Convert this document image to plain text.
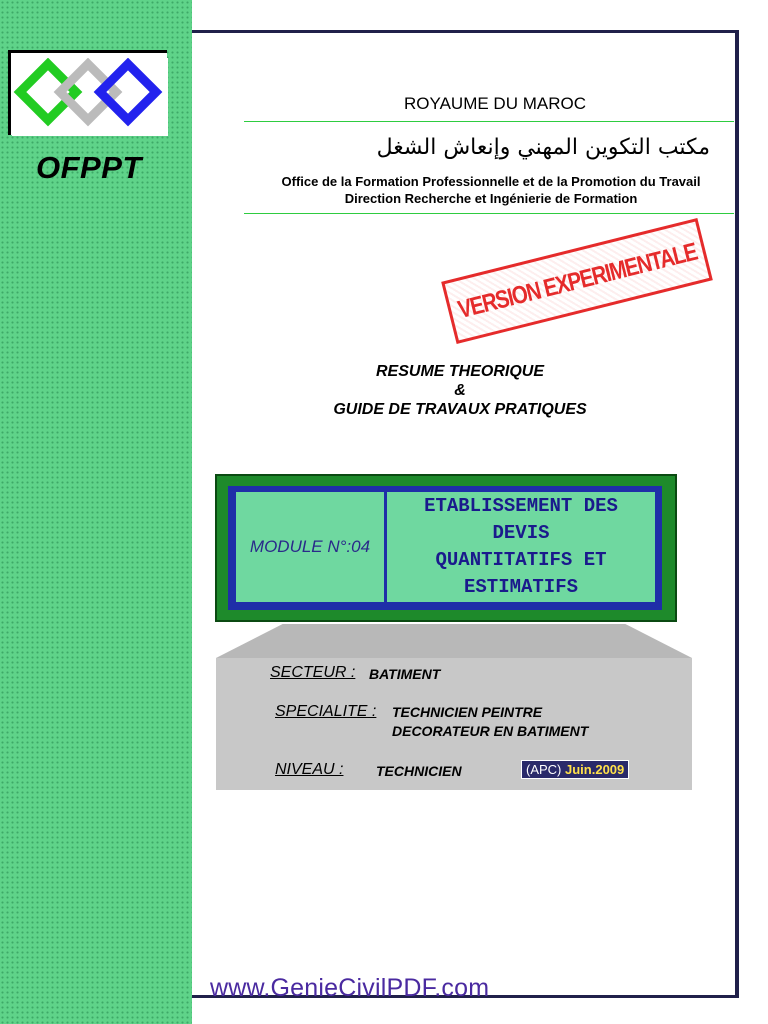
OFPPT
ROYAUME DU MAROC
مكتب التكوين المهني وإنعاش الشغل
Office de la Formation Professionnelle et de la Promotion du Travail
Direction Recherche et Ingénierie de Formation
VERSION EXPERIMENTALE
RESUME THEORIQUE
&
GUIDE DE TRAVAUX PRATIQUES
MODULE N°:04
ETABLISSEMENT DES
DEVIS
QUANTITATIFS ET
ESTIMATIFS
SECTEUR : BATIMENT
SPECIALITE : TECHNICIEN PEINTRE
DECORATEUR EN BATIMENT
NIVEAU : TECHNICIEN	(APC) Juin.2009
www.GenieCivilPDF.com
